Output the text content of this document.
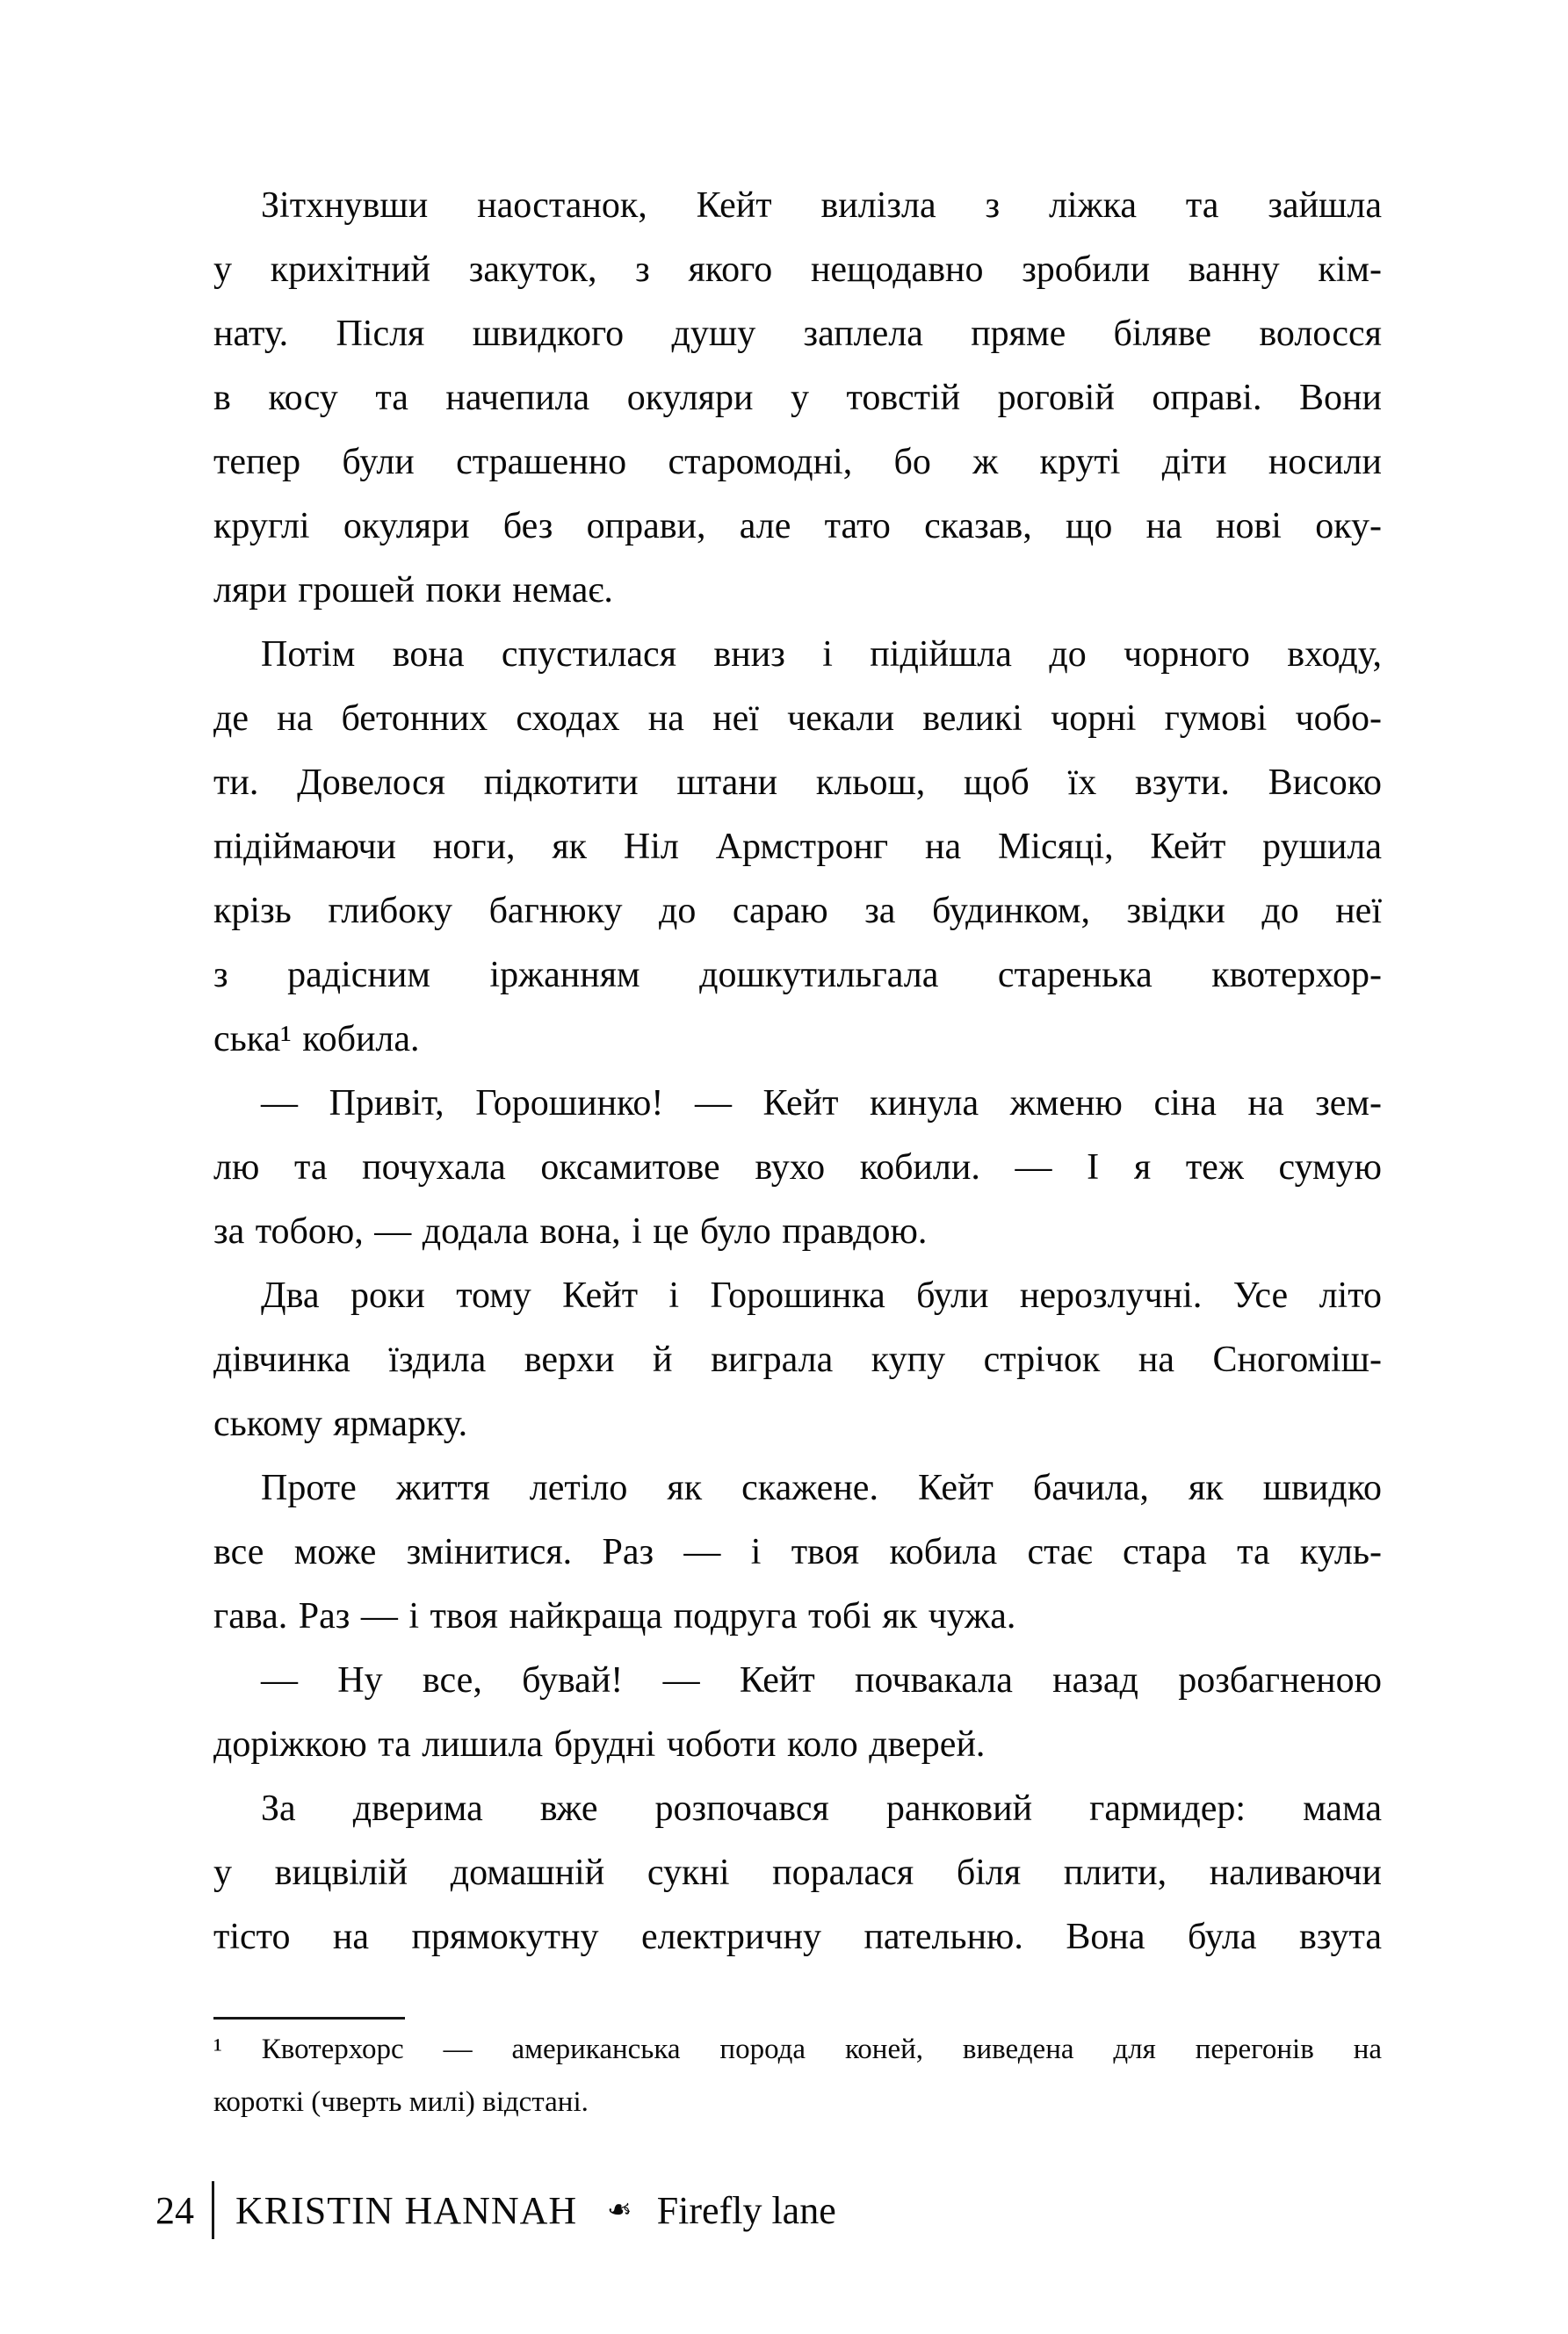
Зітхнувши наостанок, Кейт вилізла з ліжка та зайшла
у крихітний закуток, з якого нещодавно зробили ванну кім-
нату. Після швидкого душу заплела пряме біляве волосся
в косу та начепила окуляри у товстій роговій оправі. Вони
тепер були страшенно старомодні, бо ж круті діти носили
круглі окуляри без оправи, але тато сказав, що на нові оку-
ляри грошей поки немає.
Потім вона спустилася вниз і підійшла до чорного входу,
де на бетонних сходах на неї чекали великі чорні гумові чобо-
ти. Довелося підкотити штани кльош, щоб їх взути. Високо
підіймаючи ноги, як Ніл Армстронг на Місяці, Кейт рушила
крізь глибоку багнюку до сараю за будинком, звідки до неї
з радісним іржанням дошкутильгала старенька квотерхор-
ська¹ кобила.
— Привіт, Горошинко! — Кейт кинула жменю сіна на зем-
лю та почухала оксамитове вухо кобили. — І я теж сумую
за тобою, — додала вона, і це було правдою.
Два роки тому Кейт і Горошинка були нерозлучні. Усе літо
дівчинка їздила верхи й виграла купу стрічок на Сногоміш-
ському ярмарку.
Проте життя летіло як скажене. Кейт бачила, як швидко
все може змінитися. Раз — і твоя кобила стає стара та куль-
гава. Раз — і твоя найкраща подруга тобі як чужа.
— Ну все, бувай! — Кейт почвакала назад розбагненою
доріжкою та лишила брудні чоботи коло дверей.
За дверима вже розпочався ранковий гармидер: мама
у вицвілій домашній сукні поралася біля плити, наливаючи
тісто на прямокутну електричну пательню. Вона була взута
¹ Квотерхорс — американська порода коней, виведена для перегонів на
короткі (чверть милі) відстані.
24 KRISTIN HANNAH ❧ Firefly lane
